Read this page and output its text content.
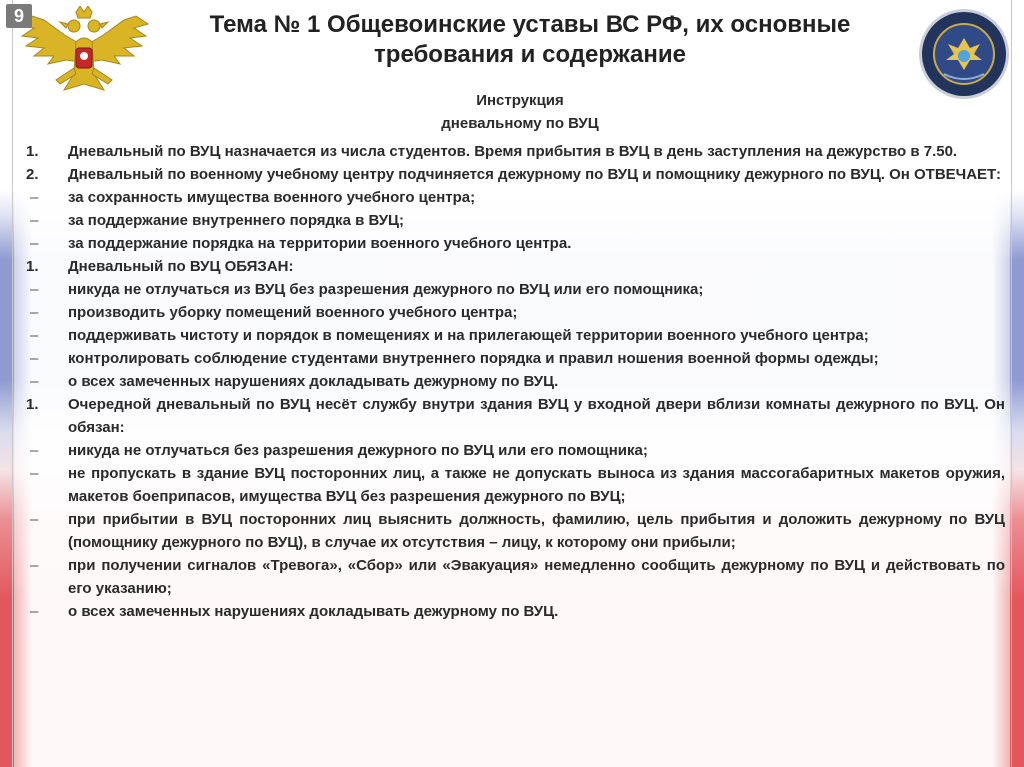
9	Тема № 1 Общевоинские уставы ВС РФ, их основные требования и содержание
Инструкция
дневальному по ВУЦ
1. Дневальный по ВУЦ назначается из числа студентов. Время прибытия в ВУЦ в день заступления на дежурство в 7.50.
2. Дневальный по военному учебному центру подчиняется дежурному по ВУЦ и помощнику дежурного по ВУЦ. Он ОТВЕЧАЕТ:
– за сохранность имущества военного учебного центра;
– за поддержание внутреннего порядка в ВУЦ;
– за поддержание порядка на территории военного учебного центра.
1. Дневальный по ВУЦ ОБЯЗАН:
– никуда не отлучаться из ВУЦ без разрешения дежурного по ВУЦ или его помощника;
– производить уборку помещений военного учебного центра;
– поддерживать чистоту и порядок в помещениях и на прилегающей территории военного учебного центра;
– контролировать соблюдение студентами внутреннего порядка и правил ношения военной формы одежды;
– о всех замеченных нарушениях докладывать дежурному по ВУЦ.
1. Очередной дневальный по ВУЦ несёт службу внутри здания ВУЦ у входной двери вблизи комнаты дежурного по ВУЦ. Он обязан:
– никуда не отлучаться без разрешения дежурного по ВУЦ или его помощника;
– не пропускать в здание ВУЦ посторонних лиц, а также не допускать выноса из здания массогабаритных макетов оружия, макетов боеприпасов, имущества ВУЦ без разрешения дежурного по ВУЦ;
– при прибытии в ВУЦ посторонних лиц выяснить должность, фамилию, цель прибытия и доложить дежурному по ВУЦ (помощнику дежурного по ВУЦ), в случае их отсутствия – лицу, к которому они прибыли;
– при получении сигналов «Тревога», «Сбор» или «Эвакуация» немедленно сообщить дежурному по ВУЦ и действовать по его указанию;
– о всех замеченных нарушениях докладывать дежурному по ВУЦ.
